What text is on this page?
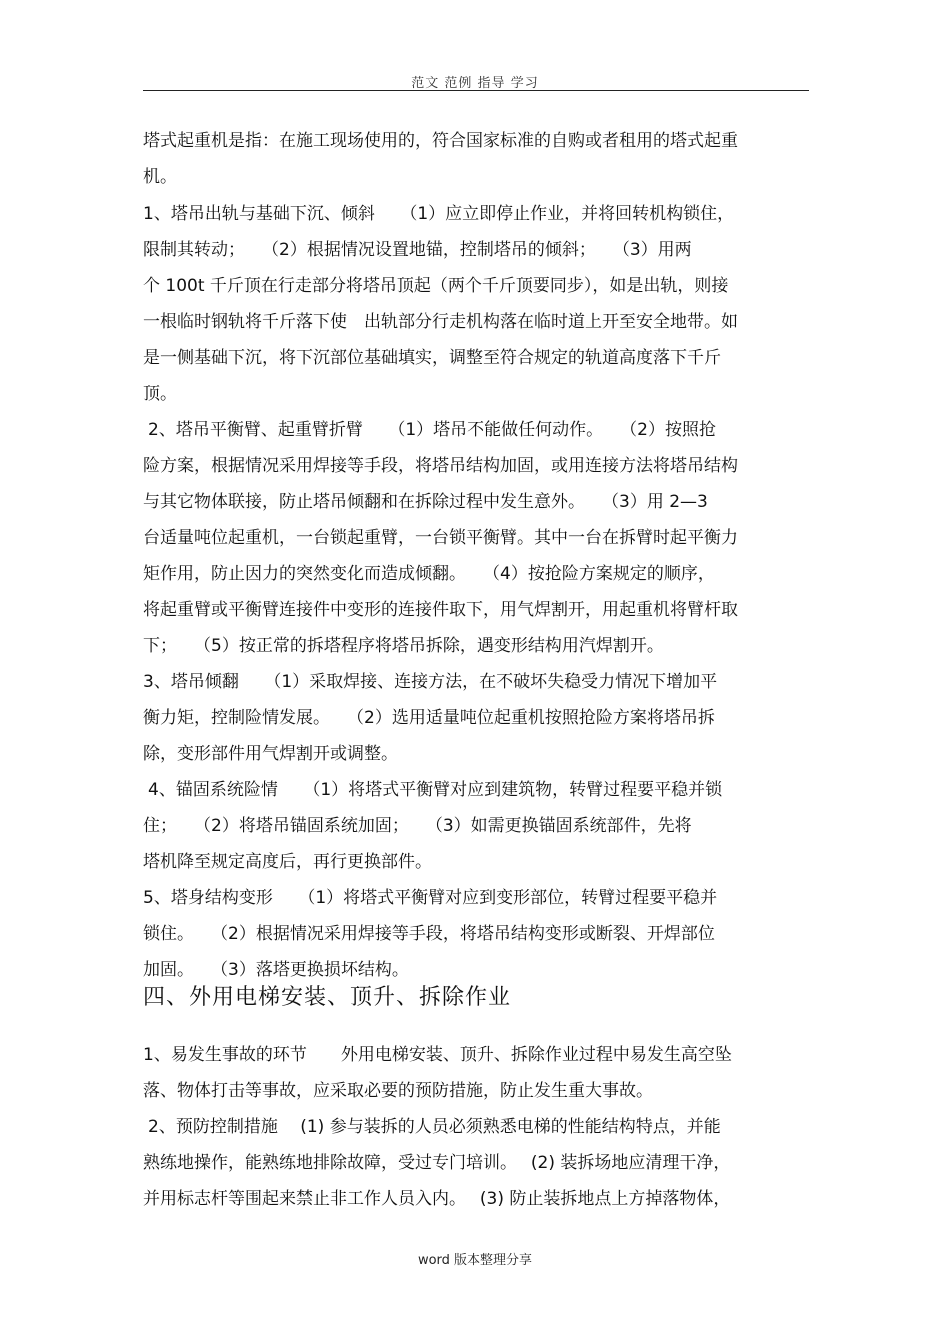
范文 范例 指导 学习
塔式起重机是指：在施工现场使用的，符合国家标准的自购或者租用的塔式起重
机。
1、塔吊出轨与基础下沉、倾斜　　（1）应立即停止作业，并将回转机构锁住，
限制其转动；　　（2）根据情况设置地锚，控制塔吊的倾斜；　　（3）用两
个 100t 千斤顶在行走部分将塔吊顶起（两个千斤顶要同步），如是出轨，则接
一根临时钢轨将千斤落下使　出轨部分行走机构落在临时道上开至安全地带。如
是一侧基础下沉，将下沉部位基础填实，调整至符合规定的轨道高度落下千斤
顶。
2、塔吊平衡臂、起重臂折臂　　（1）塔吊不能做任何动作。　　（2）按照抢
险方案，根据情况采用焊接等手段，将塔吊结构加固，或用连接方法将塔吊结构
与其它物体联接，防止塔吊倾翻和在拆除过程中发生意外。　　（3）用 2—3
台适量吨位起重机，一台锁起重臂，一台锁平衡臂。其中一台在拆臂时起平衡力
矩作用，防止因力的突然变化而造成倾翻。　　（4）按抢险方案规定的顺序，
将起重臂或平衡臂连接件中变形的连接件取下，用气焊割开，用起重机将臂杆取
下；　　（5）按正常的拆塔程序将塔吊拆除，遇变形结构用汽焊割开。
3、塔吊倾翻　　（1）采取焊接、连接方法，在不破坏失稳受力情况下增加平
衡力矩，控制险情发展。　　（2）选用适量吨位起重机按照抢险方案将塔吊拆
除，变形部件用气焊割开或调整。
4、锚固系统险情　　（1）将塔式平衡臂对应到建筑物，转臂过程要平稳并锁
住；　　（2）将塔吊锚固系统加固；　　（3）如需更换锚固系统部件，先将
塔机降至规定高度后，再行更换部件。
5、塔身结构变形　　（1）将塔式平衡臂对应到变形部位，转臂过程要平稳并
锁住。　　（2）根据情况采用焊接等手段，将塔吊结构变形或断裂、开焊部位
加固。　　（3）落塔更换损坏结构。
四、外用电梯安装、顶升、拆除作业
1、易发生事故的环节　　外用电梯安装、顶升、拆除作业过程中易发生高空坠
落、物体打击等事故，应采取必要的预防措施，防止发生重大事故。
2、预防控制措施　 (1) 参与装拆的人员必须熟悉电梯的性能结构特点，并能
熟练地操作，能熟练地排除故障，受过专门培训。　 (2) 装拆场地应清理干净，
并用标志杆等围起来禁止非工作人员入内。　 (3) 防止装拆地点上方掉落物体，
word 版本整理分享
